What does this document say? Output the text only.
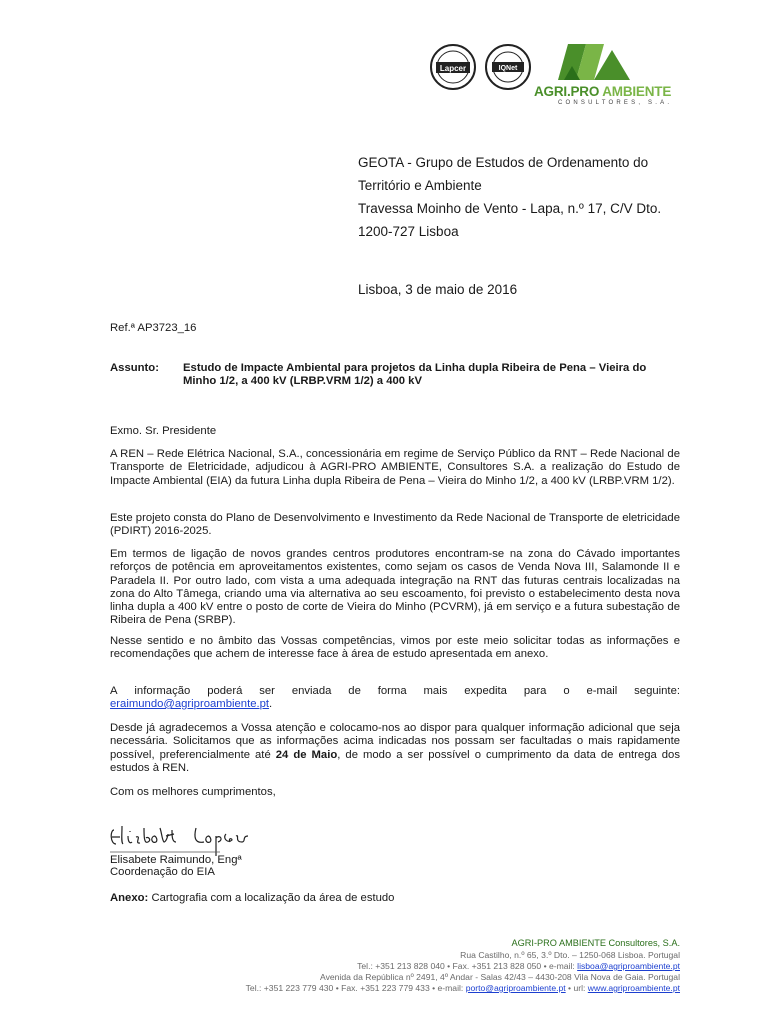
Lapcer	IQNet
AGRI.PRO AMBIENTE
CONSULTORES, S.A.
GEOTA - Grupo de Estudos de Ordenamento do
Território e Ambiente
Travessa Moinho de Vento - Lapa, n.º 17, C/V Dto.
1200-727 Lisboa
Lisboa, 3 de maio de 2016
Ref.ª AP3723_16
Assunto: Estudo de Impacte Ambiental para projetos da Linha dupla Ribeira de Pena – Vieira do Minho 1/2, a 400 kV (LRBP.VRM 1/2) a 400 kV
Exmo. Sr. Presidente
A REN – Rede Elétrica Nacional, S.A., concessionária em regime de Serviço Público da RNT – Rede Nacional de Transporte de Eletricidade, adjudicou à AGRI-PRO AMBIENTE, Consultores S.A. a realização do Estudo de Impacte Ambiental (EIA) da futura Linha dupla Ribeira de Pena – Vieira do Minho 1/2, a 400 kV (LRBP.VRM 1/2).
Este projeto consta do Plano de Desenvolvimento e Investimento da Rede Nacional de Transporte de eletricidade (PDIRT) 2016-2025.
Em termos de ligação de novos grandes centros produtores encontram-se na zona do Cávado importantes reforços de potência em aproveitamentos existentes, como sejam os casos de Venda Nova III, Salamonde II e Paradela II. Por outro lado, com vista a uma adequada integração na RNT das futuras centrais localizadas na zona do Alto Tâmega, criando uma via alternativa ao seu escoamento, foi previsto o estabelecimento desta nova linha dupla a 400 kV entre o posto de corte de Vieira do Minho (PCVRM), já em serviço e a futura subestação de Ribeira de Pena (SRBP).
Nesse sentido e no âmbito das Vossas competências, vimos por este meio solicitar todas as informações e recomendações que achem de interesse face à área de estudo apresentada em anexo.
A informação poderá ser enviada de forma mais expedita para o e-mail seguinte:
eraimundo@agriproambiente.pt.
Desde já agradecemos a Vossa atenção e colocamo-nos ao dispor para qualquer informação adicional que seja necessária. Solicitamos que as informações acima indicadas nos possam ser facultadas o mais rapidamente possível, preferencialmente até 24 de Maio, de modo a ser possível o cumprimento da data de entrega dos estudos à REN.
Com os melhores cumprimentos,
Elisabete Raimundo, Engª
Coordenação do EIA
Anexo: Cartografia com a localização da área de estudo
AGRI-PRO AMBIENTE Consultores, S.A.
Rua Castilho, n.º 65, 3.º Dto. – 1250-068 Lisboa. Portugal
Tel.: +351 213 828 040 • Fax. +351 213 828 050 • e-mail: lisboa@agriproambiente.pt
Avenida da República nº 2491, 4º Andar - Salas 42/43 – 4430-208 Vila Nova de Gaia. Portugal
Tel.: +351 223 779 430 • Fax. +351 223 779 433 • e-mail: porto@agriproambiente.pt • url: www.agriproambiente.pt
